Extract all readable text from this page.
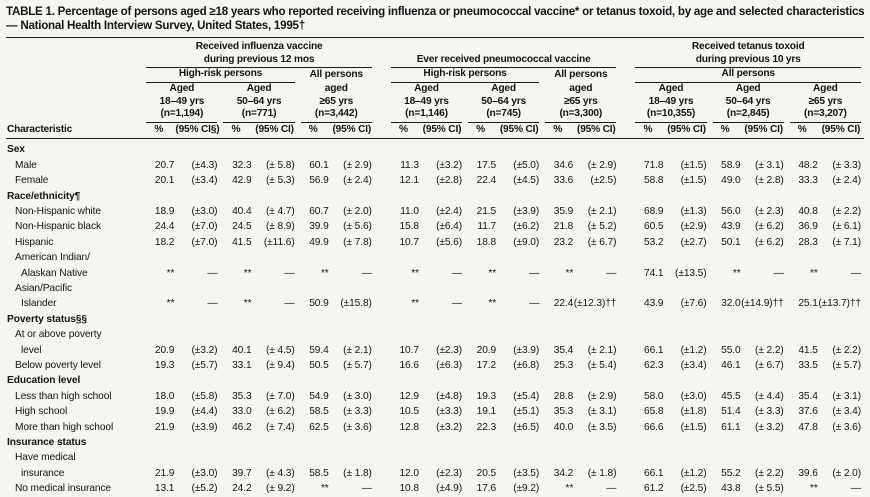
TABLE 1. Percentage of persons aged ≥18 years who reported receiving influenza or pneumococcal vaccine* or tetanus toxoid, by age and selected characteristics — National Health Interview Survey, United States, 1995†

	Received influenza vaccine
during previous 12 mos							Ever received pneumococcal vaccine							Received tetanus toxoid
during previous 10 yrs					

	High-risk persons				All persons			High-risk persons				All persons			All persons					

	Aged
18–49 yrs
(n=1,194)		Aged
50–64 yrs
(n=771)		aged
≥65 yrs
(n=3,442)			Aged
18–49 yrs
(n=1,146)		Aged
50–64 yrs
(n=745)		aged
≥65 yrs
(n=3,300)			Aged
18–49 yrs
(n=10,355)		Aged
50–64 yrs
(n=2,845)		Aged
≥65 yrs
(n=3,207)	

Characteristic	%	(95% CI§)	%	(95% CI)	%	(95% CI)		%	(95% CI)	%	(95% CI)	%	(95% CI)		%	(95% CI)	%	(95% CI)	%	(95% CI)
Sex																				
Male	20.7	(±4.3)	32.3	(± 5.8)	60.1	(± 2.9)		11.3	(±3.2)	17.5	(±5.0)	34.6	(± 2.9)		71.8	(±1.5)	58.9	(± 3.1)	48.2	(± 3.3)
Female	20.1	(±3.4)	42.9	(± 5.3)	56.9	(± 2.4)		12.1	(±2.8)	22.4	(±4.5)	33.6	(±2.5)		58.8	(±1.5)	49.0	(± 2.8)	33.3	(± 2.4)
Race/ethnicity¶																				
Non-Hispanic white	18.9	(±3.0)	40.4	(± 4.7)	60.7	(± 2.0)		11.0	(±2.4)	21.5	(±3.9)	35.9	(± 2.1)		68.9	(±1.3)	56.0	(± 2.3)	40.8	(± 2.2)
Non-Hispanic black	24.4	(±7.0)	24.5	(± 8.9)	39.9	(± 5.6)		15.8	(±6.4)	11.7	(±6.2)	21.8	(± 5.2)		60.5	(±2.9)	43.9	(± 6.2)	36.9	(± 6.1)
Hispanic	18.2	(±7.0)	41.5	(±11.6)	49.9	(± 7.8)		10.7	(±5.6)	18.8	(±9.0)	23.2	(± 6.7)		53.2	(±2.7)	50.1	(± 6.2)	28.3	(± 7.1)
American Indian/																				
Alaskan Native	**	—	**	—	**	—		**	—	**	—	**	—		74.1	(±13.5)	**	—	**	—
Asian/Pacific																				
Islander	**	—	**	—	50.9	(±15.8)		**	—	**	—	22.4	(±12.3)††		43.9	(±7.6)	32.0	(±14.9)††	25.1	(±13.7)††
Poverty status§§																				
At or above poverty																				
level	20.9	(±3.2)	40.1	(± 4.5)	59.4	(± 2.1)		10.7	(±2.3)	20.9	(±3.9)	35.4	(± 2.1)		66.1	(±1.2)	55.0	(± 2.2)	41.5	(± 2.2)
Below poverty level	19.3	(±5.7)	33.1	(± 9.4)	50.5	(± 5.7)		16.6	(±6.3)	17.2	(±6.8)	25.3	(± 5.4)		62.3	(±3.4)	46.1	(± 6.7)	33.5	(± 5.7)
Education level																				
Less than high school	18.0	(±5.8)	35.3	(± 7.0)	54.9	(± 3.0)		12.9	(±4.8)	19.3	(±5.4)	28.8	(± 2.9)		58.0	(±3.0)	45.5	(± 4.4)	35.4	(± 3.1)
High school	19.9	(±4.4)	33.0	(± 6.2)	58.5	(± 3.3)		10.5	(±3.3)	19.1	(±5.1)	35.3	(± 3.1)		65.8	(±1.8)	51.4	(± 3.3)	37.6	(± 3.4)
More than high school	21.9	(±3.9)	46.2	(± 7.4)	62.5	(± 3.6)		12.8	(±3.2)	22.3	(±6.5)	40.0	(± 3.5)		66.6	(±1.5)	61.1	(± 3.2)	47.8	(± 3.6)
Insurance status																				
Have medical																				
insurance	21.9	(±3.0)	39.7	(± 4.3)	58.5	(± 1.8)		12.0	(±2.3)	20.5	(±3.5)	34.2	(± 1.8)		66.1	(±1.2)	55.2	(± 2.2)	39.6	(± 2.0)
No medical insurance	13.1	(±5.2)	24.2	(± 9.2)	**	—		10.8	(±4.9)	17.6	(±9.2)	**	—		61.2	(±2.5)	43.8	(± 5.5)	**	—
